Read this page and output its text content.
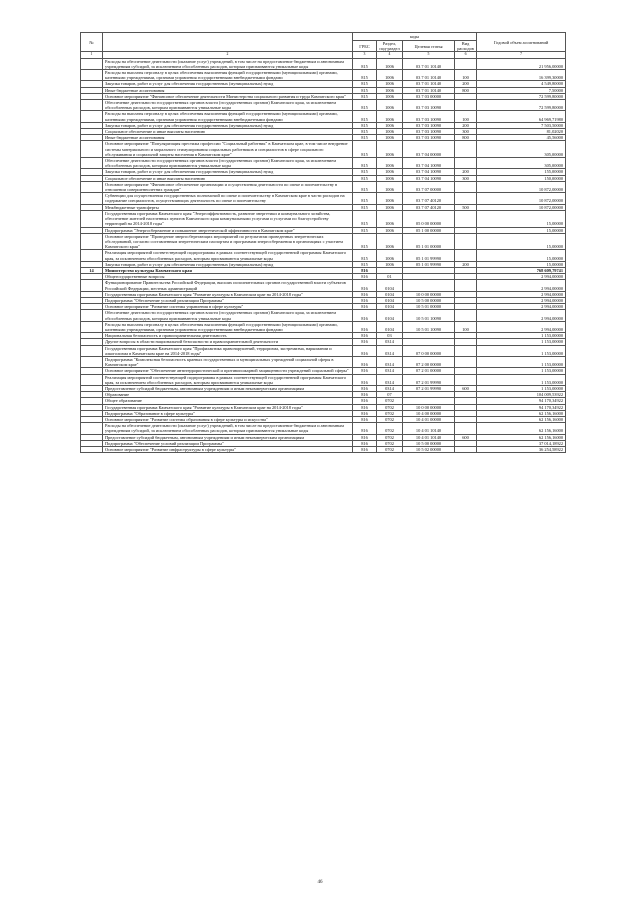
№		коды				Годовой объем ассигнований
		ГРБС	Раздел, под-раздел	Целевая статья	Вид расходов	
1	2	3	4	5	6	7
	Расходы на обеспечение деятельности (оказание услуг) учреждений, в том числе на предоставление бюджетным и автономным учреждениям субсидий, за исключением обособленных расходов, которым присваиваются уникальные коды	815	1006	03 7 01 10140		21 956,00000
	Расходы на выплаты персоналу в целях обеспечения выполнения функций государственными (муниципальными) органами, казенными учреждениями, органами управления государственными внебюджетными фондами	815	1006	03 7 01 10140	100	16 399,30000
	Закупка товаров, работ и услуг для обеспечения государственных (муниципальных) нужд	815	1006	03 7 01 10140	200	4 549,80000
	Иные бюджетные ассигнования	815	1006	03 7 01 10140	800	7,50000
	Основное мероприятие "Финансовое обеспечение деятельности Министерства социального развития и труда Камчатского края"	815	1006	03 7 03 00000		72 599,80000
	Обеспечение деятельности государственных органов власти (государственных органов) Камчатского края, за исключением обособленных расходов, которым присваиваются уникальные коды	815	1006	03 7 03 10090		72 599,80000
	Расходы на выплаты персоналу в целях обеспечения выполнения функций государственными (муниципальными) органами, казенными учреждениями, органами управления государственными внебюджетными фондами	815	1006	03 7 03 10090	100	64 969,71980
	Закупка товаров, работ и услуг для обеспечения государственных (муниципальных) нужд	815	1006	03 7 03 10090	200	7 503,50000
	Социальное обеспечение и иные выплаты населению	815	1006	03 7 03 10090	300	81,02020
	Иные бюджетные ассигнования	815	1006	03 7 03 10090	800	45,56000
	Основное мероприятие "Популяризация престижа профессии "Социальный работник" в Камчатском крае, в том числе внедрение системы материального и морального стимулирования социальных работников и специалистов в сфере социального обслуживания и социальной защиты населения в Камчатском крае"	815	1006	03 7 04 00000		305,00000
	Обеспечение деятельности государственных органов власти (государственных органов) Камчатского края, за исключением обособленных расходов, которым присваиваются уникальные коды	815	1006	03 7 04 10090		305,00000
	Закупка товаров, работ и услуг для обеспечения государственных (муниципальных) нужд	815	1006	03 7 04 10090	200	155,00000
	Социальное обеспечение и иные выплаты населению	815	1006	03 7 04 10090	300	150,00000
	Основное мероприятие "Финансовое обеспечение организации и осуществления деятельности по опеке и попечительству в отношении совершеннолетних граждан"	815	1006	03 7 07 00000		10 872,00000
	Субвенции для осуществления государственных полномочий по опеке и попечительству в Камчатском крае в части расходов на содержание специалистов, осуществляющих деятельность по опеке и попечительству	815	1006	03 7 07 40120		10 872,00000
	Межбюджетные трансферты	815	1006	03 7 07 40120	500	10 872,00000
	Государственная программа Камчатского края "Энергоэффективность, развитие энергетики и коммунального хозяйства, обеспечение жителей населенных пунктов Камчатского края коммунальными услугами и услугами по благоустройству территорий на 2014-2018 годы"	815	1006	05 0 00 00000		15,00000
	Подпрограмма "Энергосбережение и повышение энергетической эффективности в Камчатском крае"	815	1006	05 1 00 00000		15,00000
	Основное мероприятие "Проведение энергосберегающих мероприятий по результатам проведенных энергетических обследований, согласно составленным энергетическим паспортам и программам энергосбережения в организациях с участием Камчатского края"	815	1006	05 1 01 00000		15,00000
	Реализация мероприятий соответствующей подпрограммы в рамках соответствующей государственной программы Камчатского края, за исключением обособленных расходов, которым присваиваются уникальные коды	815	1006	05 1 01 99990		15,00000
	Закупка товаров, работ и услуг для обеспечения государственных (муниципальных) нужд	815	1006	05 1 01 99990	200	15,00000
14	Министерство культуры Камчатского края	816				768 609,79741
	Общегосударственные вопросы	816	01			2 994,00000
	Функционирование Правительства Российской Федерации, высших исполнительных органов государственной власти субъектов Российской Федерации, местных администраций	816	0104			2 994,00000
	Государственная программа Камчатского края "Развитие культуры в Камчатском крае на 2014-2018 годы"	816	0104	10 0 00 00000		2 994,00000
	Подпрограмма "Обеспечение условий реализации Программы"	816	0104	10 5 00 00000		2 994,00000
	Основное мероприятие "Развитие системы управления в сфере культуры"	816	0104	10 5 01 00000		2 994,00000
	Обеспечение деятельности государственных органов власти (государственных органов) Камчатского края, за исключением обособленных расходов, которым присваиваются уникальные коды	816	0104	10 5 01 10090		2 994,00000
	Расходы на выплаты персоналу в целях обеспечения выполнения функций государственными (муниципальными) органами, казенными учреждениями, органами управления государственными внебюджетными фондами	816	0104	10 5 01 10090	100	2 994,00000
	Национальная безопасность и правоохранительная деятельность	816	03			1 153,00000
	Другие вопросы в области национальной безопасности и правоохранительной деятельности	816	0314			1 153,00000
	Государственная программа Камчатского края "Профилактика правонарушений, терроризма, экстремизма, наркомании и алкоголизма в Камчатском крае на 2014-2018 годы"	816	0314	07 0 00 00000		1 153,00000
	Подпрограмма "Комплексная безопасность краевых государственных и муниципальных учреждений социальной сферы в Камчатском крае"	816	0314	07 2 00 00000		1 153,00000
	Основное мероприятие "Обеспечение антитеррористической и противопожарной защищенности учреждений социальной сферы"	816	0314	07 2 01 00000		1 153,00000
	Реализация мероприятий соответствующей подпрограммы в рамках соответствующей государственной программы Камчатского края, за исключением обособленных расходов, которым присваиваются уникальные коды	816	0314	07 2 01 99990		1 153,00000
	Предоставление субсидий бюджетным, автономным учреждениям и иным некоммерческим организациям	816	0314	07 2 01 99990	600	1 153,00000
	Образование	816	07			104 009,53922
	Общее образование	816	0702			94 170,34922
	Государственная программа Камчатского края "Развитие культуры в Камчатском крае на 2014-2018 годы"	816	0702	10 0 00 00000		94 170,34922
	Подпрограмма "Образование в сфере культуры"	816	0702	10 4 00 00000		62 156,16000
	Основное мероприятие "Развитие системы образования в сфере культуры и искусства"	816	0702	10 4 01 00000		62 156,16000
	Расходы на обеспечение деятельности (оказание услуг) учреждений, в том числе на предоставление бюджетным и автономным учреждениям субсидий, за исключением обособленных расходов, которым присваиваются уникальные коды	816	0702	10 4 01 10140		62 156,16000
	Предоставление субсидий бюджетным, автономным учреждениям и иным некоммерческим организациям	816	0702	10 4 01 10140	600	62 156,16000
	Подпрограмма "Обеспечение условий реализации Программы"	816	0702	10 5 00 00000		37 014,18922
	Основное мероприятие "Развитие инфраструктуры в сфере культуры"	816	0702	10 5 02 00000		36 254,58922
46
